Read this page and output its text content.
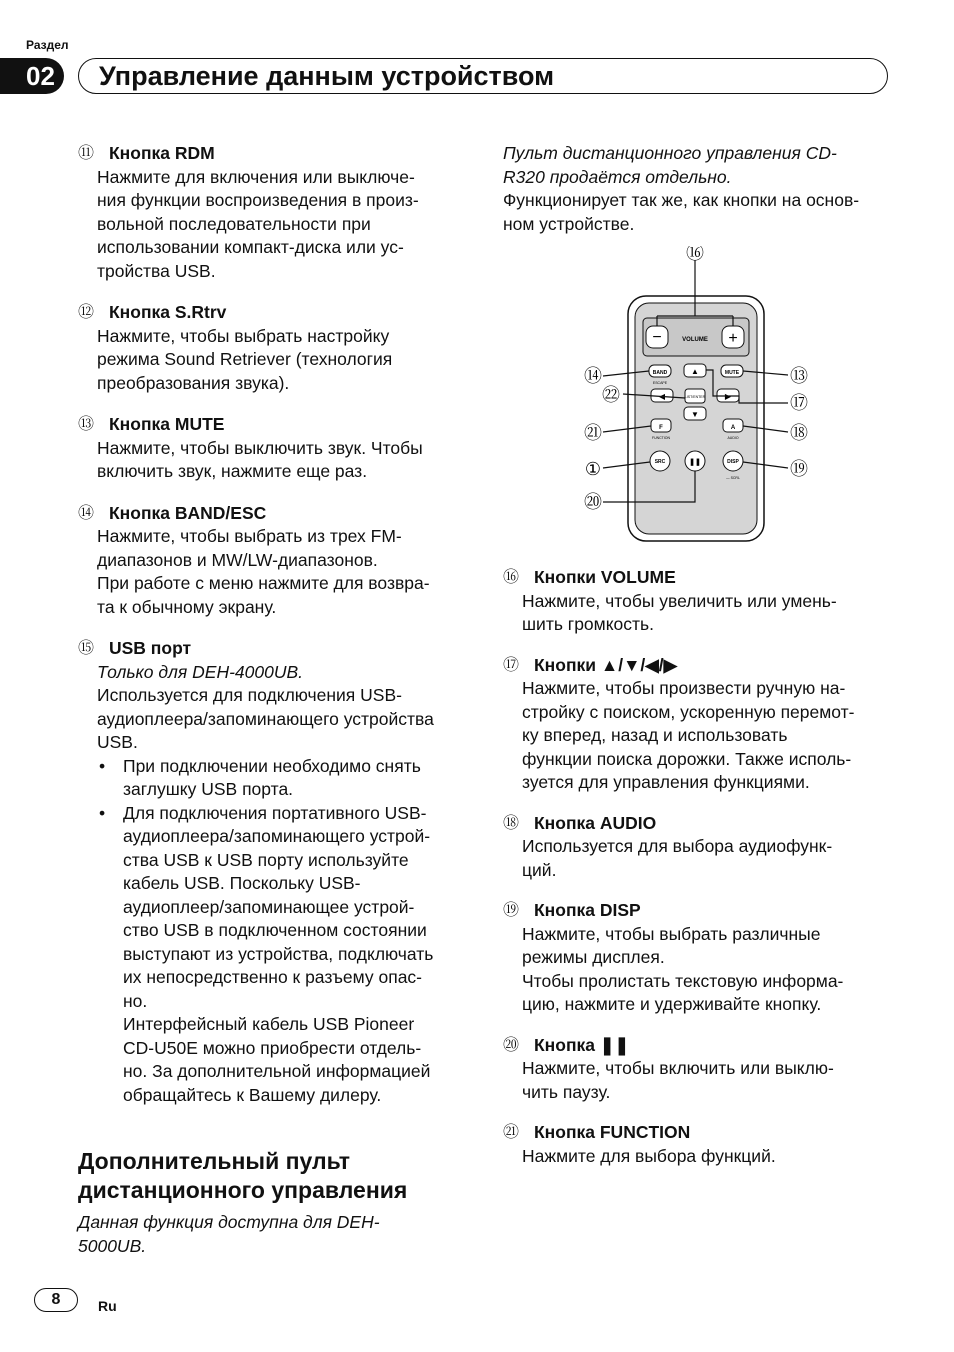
Раздел
02	Управление данным устройством
⑪ Кнопка RDM
Нажмите для включения или выключе-
ния функции воспроизведения в произ-
вольной последовательности при
использовании компакт-диска или ус-
тройства USB.
⑫ Кнопка S.Rtrv
Нажмите, чтобы выбрать настройку
режима Sound Retriever (технология
преобразования звука).
⑬ Кнопка MUTE
Нажмите, чтобы выключить звук. Чтобы
включить звук, нажмите еще раз.
⑭ Кнопка BAND/ESC
Нажмите, чтобы выбрать из трех FM-
диапазонов и MW/LW-диапазонов.
При работе с меню нажмите для возвра-
та к обычному экрану.
⑮ USB порт
Только для DEH-4000UB.
Используется для подключения USB-
аудиоплеера/запоминающего устройства
USB.
• При подключении необходимо снять
заглушку USB порта.
• Для подключения портативного USB-
аудиоплеера/запоминающего устрой-
ства USB к USB порту используйте
кабель USB. Поскольку USB-
аудиоплеер/запоминающее устрой-
ство USB в подключенном состоянии
выступают из устройства, подключать
их непосредственно к разъему опас-
но.
Интерфейсный кабель USB Pioneer
CD-U50E можно приобрести отдель-
но. За дополнительной информацией
обращайтесь к Вашему дилеру.
Дополнительный пульт
дистанционного управления
Данная функция доступна для DEH-
5000UB.
Пульт дистанционного управления CD-
R320 продаётся отдельно.
Функционирует так же, как кнопки на основ-
ном устройстве.
−	+
VOLUME
BAND
ESCAPE
MUTE
▲
▼
◀	▶
LIST/ENTER
F
FUNCTION
A
AUDIO
SRC	❚❚	DISP
— SCRL
⑯
⑭	⑬
㉒	⑰
㉑	⑱
①	⑲
⑳
⑯ Кнопки VOLUME
Нажмите, чтобы увеличить или умень-
шить громкость.
⑰ Кнопки ▲/▼/◀/▶
Нажмите, чтобы произвести ручную на-
стройку с поиском, ускоренную перемот-
ку вперед, назад и использовать
функции поиска дорожки. Также исполь-
зуется для управления функциями.
⑱ Кнопка AUDIO
Используется для выбора аудиофунк-
ций.
⑲ Кнопка DISP
Нажмите, чтобы выбрать различные
режимы дисплея.
Чтобы пролистать текстовую информа-
цию, нажмите и удерживайте кнопку.
⑳ Кнопка ❚❚
Нажмите, чтобы включить или выклю-
чить паузу.
㉑ Кнопка FUNCTION
Нажмите для выбора функций.
8	Ru
